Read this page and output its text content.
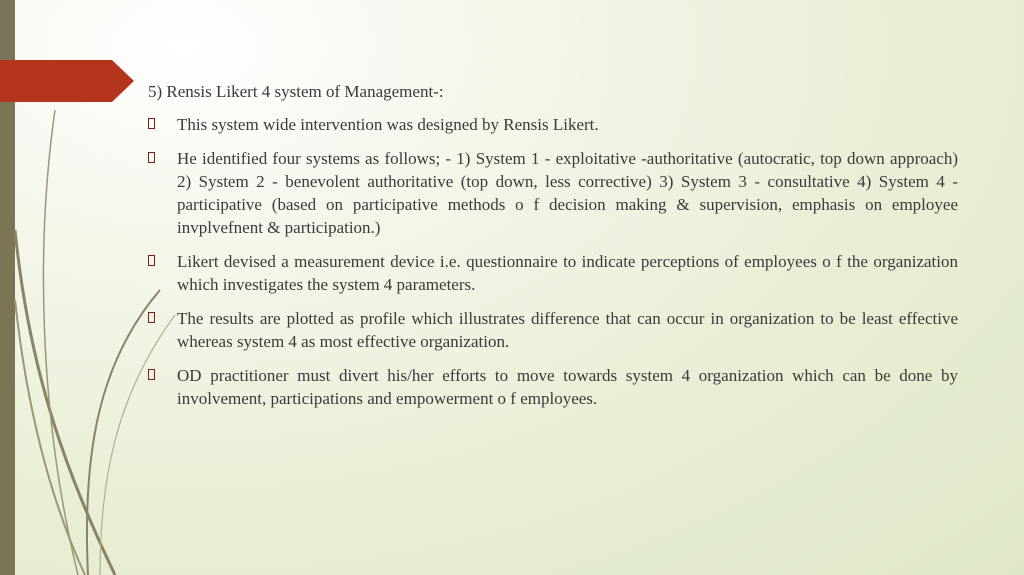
5) Rensis Likert 4 system of Management-:
This system wide intervention was designed by Rensis Likert.
He identified four systems as follows; - 1) System 1 - exploitative -authoritative (autocratic, top down approach) 2) System 2 - benevolent authoritative (top down, less corrective) 3) System 3 - consultative 4) System 4 - participative (based on participative methods o f decision making & supervision, emphasis on employee invplvefnent & participation.)
Likert devised a measurement device i.e. questionnaire to indicate perceptions of employees o f the organization which investigates the system 4 parameters.
The results are plotted as profile which illustrates difference that can occur in organization to be least effective whereas system 4 as most effective organization.
OD practitioner must divert his/her efforts to move towards system 4 organization which can be done by involvement, participations and empowerment o f employees.
